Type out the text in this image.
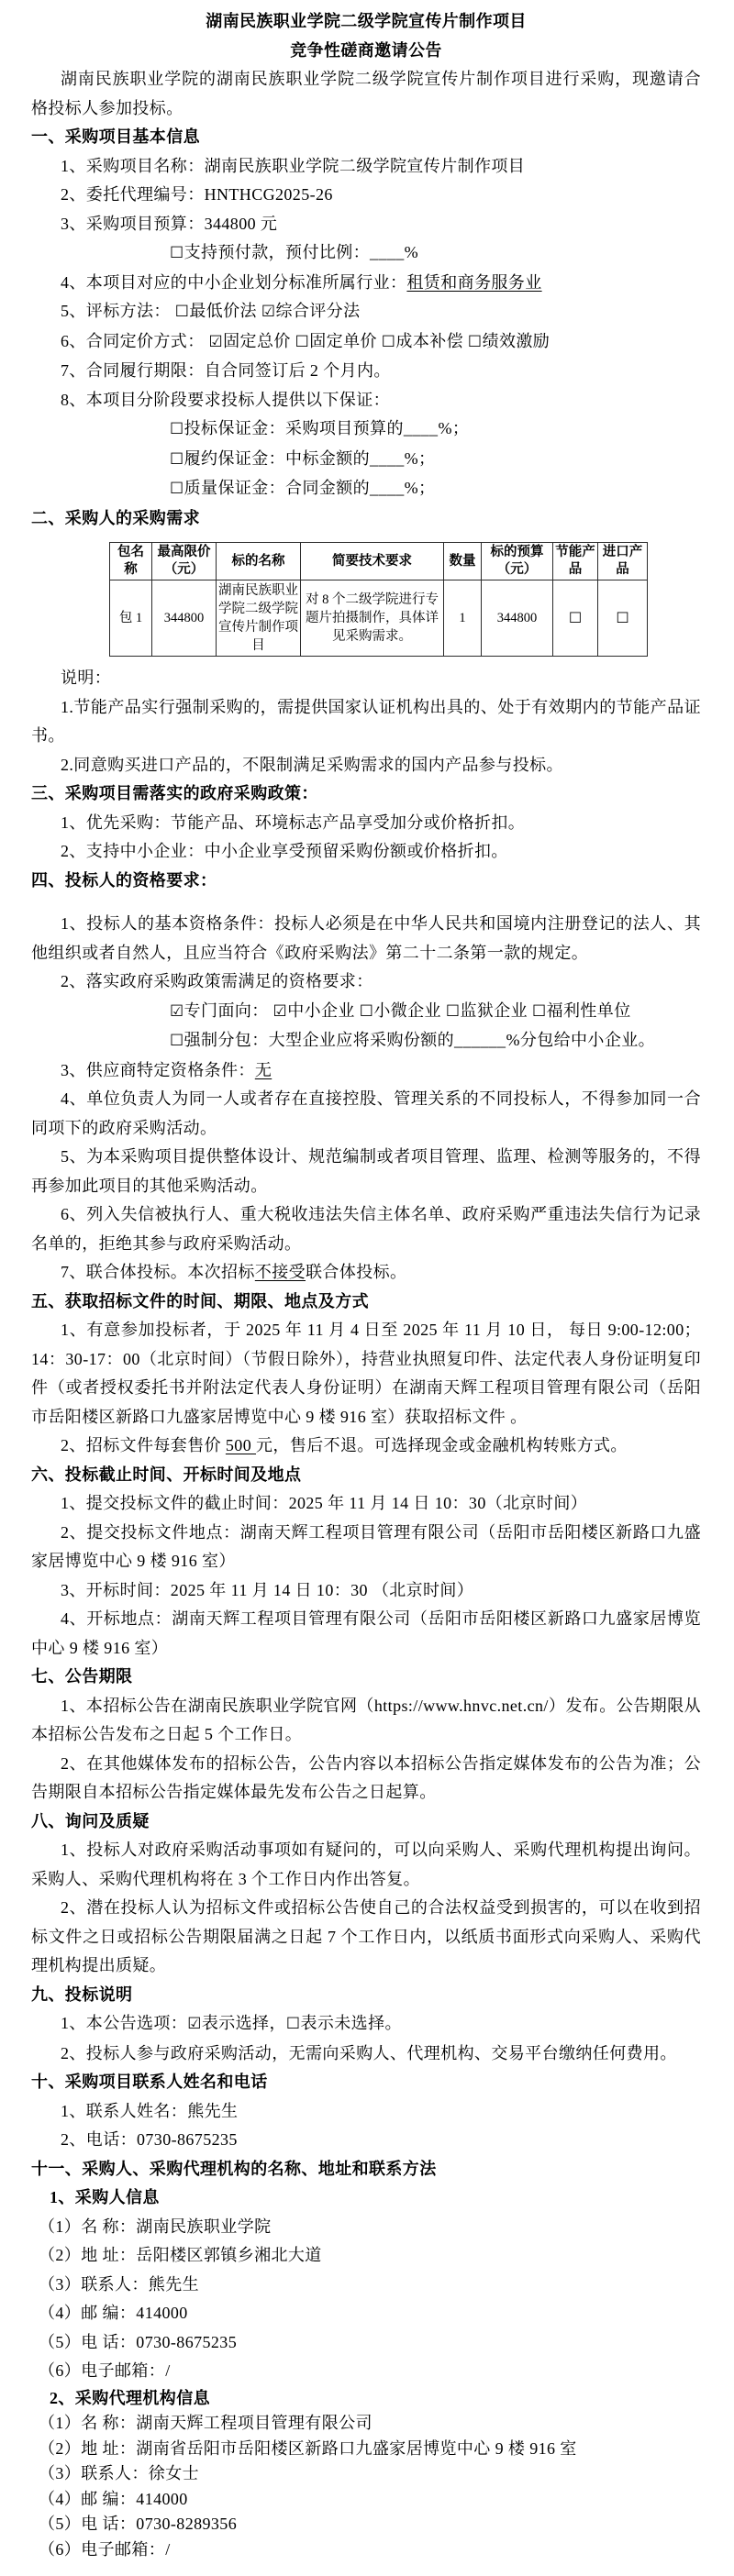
湖南民族职业学院二级学院宣传片制作项目
竞争性磋商邀请公告
湖南民族职业学院的湖南民族职业学院二级学院宣传片制作项目进行采购，现邀请合格投标人参加投标。
一、采购项目基本信息
1、采购项目名称：湖南民族职业学院二级学院宣传片制作项目
2、委托代理编号：HNTHCG2025-26
3、采购项目预算：344800 元
☐支持预付款，预付比例：____%
4、本项目对应的中小企业划分标准所属行业：租赁和商务服务业
5、评标方法： ☐最低价法 ☑综合评分法
6、合同定价方式： ☑固定总价 ☐固定单价 ☐成本补偿 ☐绩效激励
7、合同履行期限：自合同签订后 2 个月内。
8、本项目分阶段要求投标人提供以下保证：
☐投标保证金：采购项目预算的____%；
☐履约保证金：中标金额的____%；
☐质量保证金：合同金额的____%；
二、采购人的采购需求
包名称	最高限价（元）	标的名称	简要技术要求	数量	标的预算（元）	节能产品	进口产品
包 1	344800	湖南民族职业学院二级学院宣传片制作项目	对 8 个二级学院进行专题片拍摄制作，具体详见采购需求。	1	344800	☐	☐
说明：
1.节能产品实行强制采购的，需提供国家认证机构出具的、处于有效期内的节能产品证书。
2.同意购买进口产品的，不限制满足采购需求的国内产品参与投标。
三、采购项目需落实的政府采购政策：
1、优先采购：节能产品、环境标志产品享受加分或价格折扣。
2、支持中小企业：中小企业享受预留采购份额或价格折扣。
四、投标人的资格要求：
1、投标人的基本资格条件：投标人必须是在中华人民共和国境内注册登记的法人、其他组织或者自然人，且应当符合《政府采购法》第二十二条第一款的规定。
2、落实政府采购政策需满足的资格要求：
☑专门面向： ☑中小企业 ☐小微企业 ☐监狱企业 ☐福利性单位
☐强制分包：大型企业应将采购份额的______%分包给中小企业。
3、供应商特定资格条件：无
4、单位负责人为同一人或者存在直接控股、管理关系的不同投标人，不得参加同一合同项下的政府采购活动。
5、为本采购项目提供整体设计、规范编制或者项目管理、监理、检测等服务的，不得再参加此项目的其他采购活动。
6、列入失信被执行人、重大税收违法失信主体名单、政府采购严重违法失信行为记录名单的，拒绝其参与政府采购活动。
7、联合体投标。本次招标不接受联合体投标。
五、获取招标文件的时间、期限、地点及方式
1、有意参加投标者，于 2025 年 11 月 4 日至 2025 年 11 月 10 日， 每日 9:00-12:00；14：30-17：00（北京时间）（节假日除外），持营业执照复印件、法定代表人身份证明复印件（或者授权委托书并附法定代表人身份证明）在湖南天辉工程项目管理有限公司（岳阳市岳阳楼区新路口九盛家居博览中心 9 楼 916 室）获取招标文件 。
2、招标文件每套售价 500 元，售后不退。可选择现金或金融机构转账方式。
六、投标截止时间、开标时间及地点
1、提交投标文件的截止时间：2025 年 11 月 14 日 10：30（北京时间）
2、提交投标文件地点：湖南天辉工程项目管理有限公司（岳阳市岳阳楼区新路口九盛家居博览中心 9 楼 916 室）
3、开标时间：2025 年 11 月 14 日 10：30 （北京时间）
4、开标地点：湖南天辉工程项目管理有限公司（岳阳市岳阳楼区新路口九盛家居博览中心 9 楼 916 室）
七、公告期限
1、本招标公告在湖南民族职业学院官网（https://www.hnvc.net.cn/）发布。公告期限从本招标公告发布之日起 5 个工作日。
2、在其他媒体发布的招标公告，公告内容以本招标公告指定媒体发布的公告为准；公告期限自本招标公告指定媒体最先发布公告之日起算。
八、询问及质疑
1、投标人对政府采购活动事项如有疑问的，可以向采购人、采购代理机构提出询问。采购人、采购代理机构将在 3 个工作日内作出答复。
2、潜在投标人认为招标文件或招标公告使自己的合法权益受到损害的，可以在收到招标文件之日或招标公告期限届满之日起 7 个工作日内，以纸质书面形式向采购人、采购代理机构提出质疑。
九、投标说明
1、本公告选项：☑表示选择，☐表示未选择。
2、投标人参与政府采购活动，无需向采购人、代理机构、交易平台缴纳任何费用。
十、采购项目联系人姓名和电话
1、联系人姓名：熊先生
2、电话：0730-8675235
十一、采购人、采购代理机构的名称、地址和联系方法
1、采购人信息
（1）名 称：湖南民族职业学院
（2）地 址：岳阳楼区郭镇乡湘北大道
（3）联系人：熊先生
（4）邮 编：414000
（5）电 话：0730-8675235
（6）电子邮箱：/
2、采购代理机构信息
（1）名 称：湖南天辉工程项目管理有限公司
（2）地 址：湖南省岳阳市岳阳楼区新路口九盛家居博览中心 9 楼 916 室
（3）联系人：徐女士
（4）邮 编：414000
（5）电 话：0730-8289356
（6）电子邮箱：/
